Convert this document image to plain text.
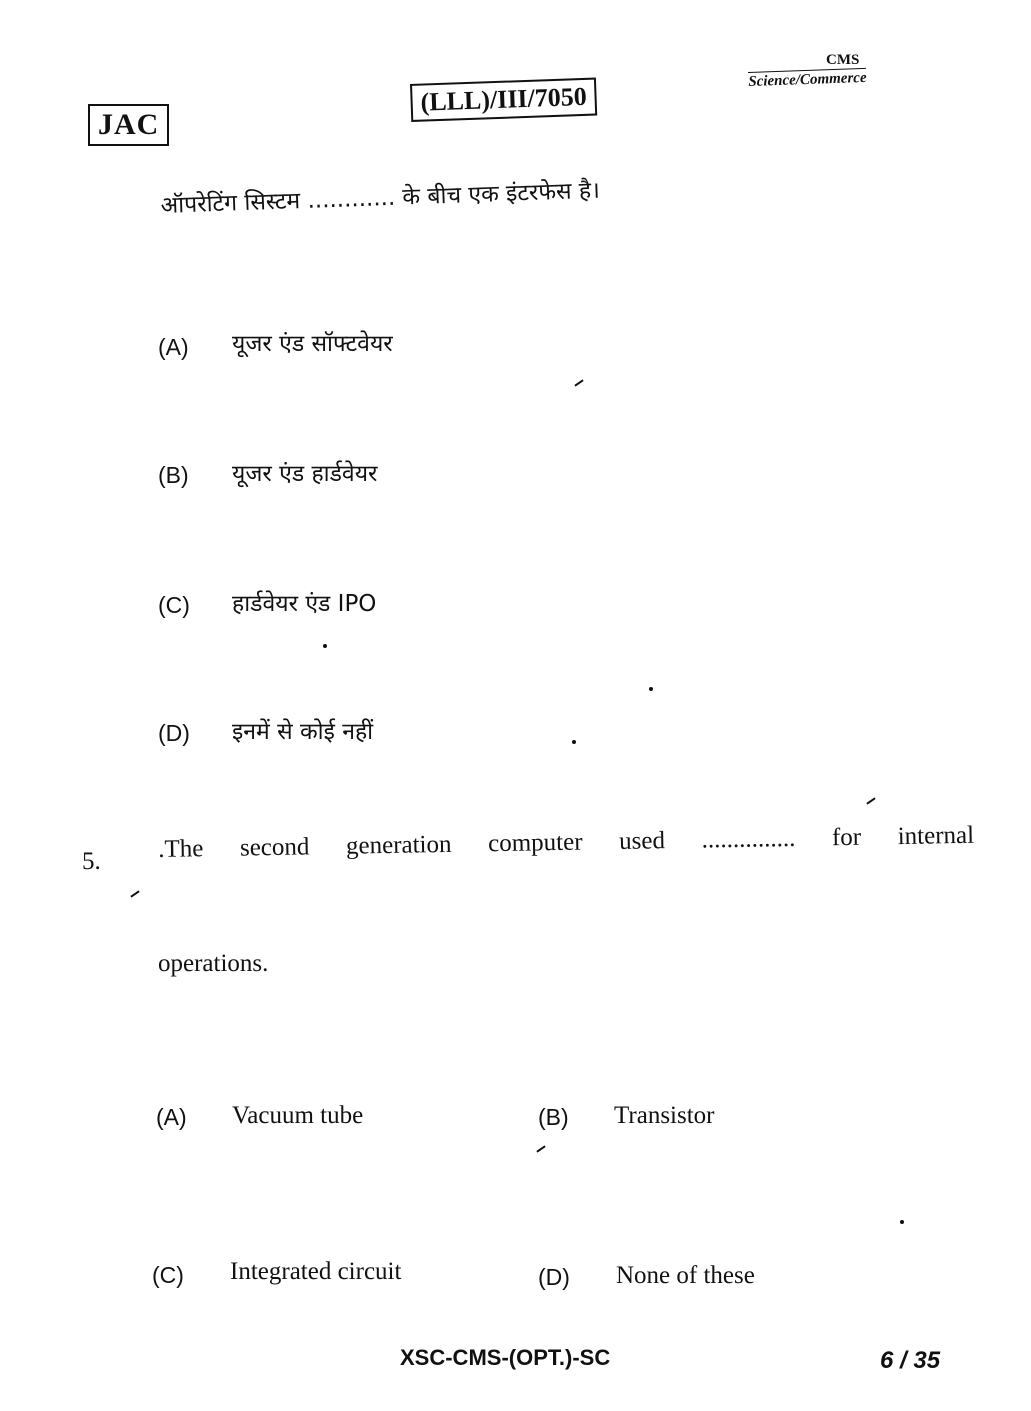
JAC
(LLL)/III/7050
CMS
Science/Commerce
ऑपरेटिंग सिस्टम ............ के बीच एक इंटरफेस है।
(A) यूजर एंड सॉफ्टवेयर
(B) यूजर एंड हार्डवेयर
(C) हार्डवेयर एंड IPO
(D) इनमें से कोई नहीं
5. .The second generation computer used ............... for internal
operations.
(A) Vacuum tube	(B) Transistor
(C) Integrated circuit	(D) None of these
XSC-CMS-(OPT.)-SC	6 / 35
